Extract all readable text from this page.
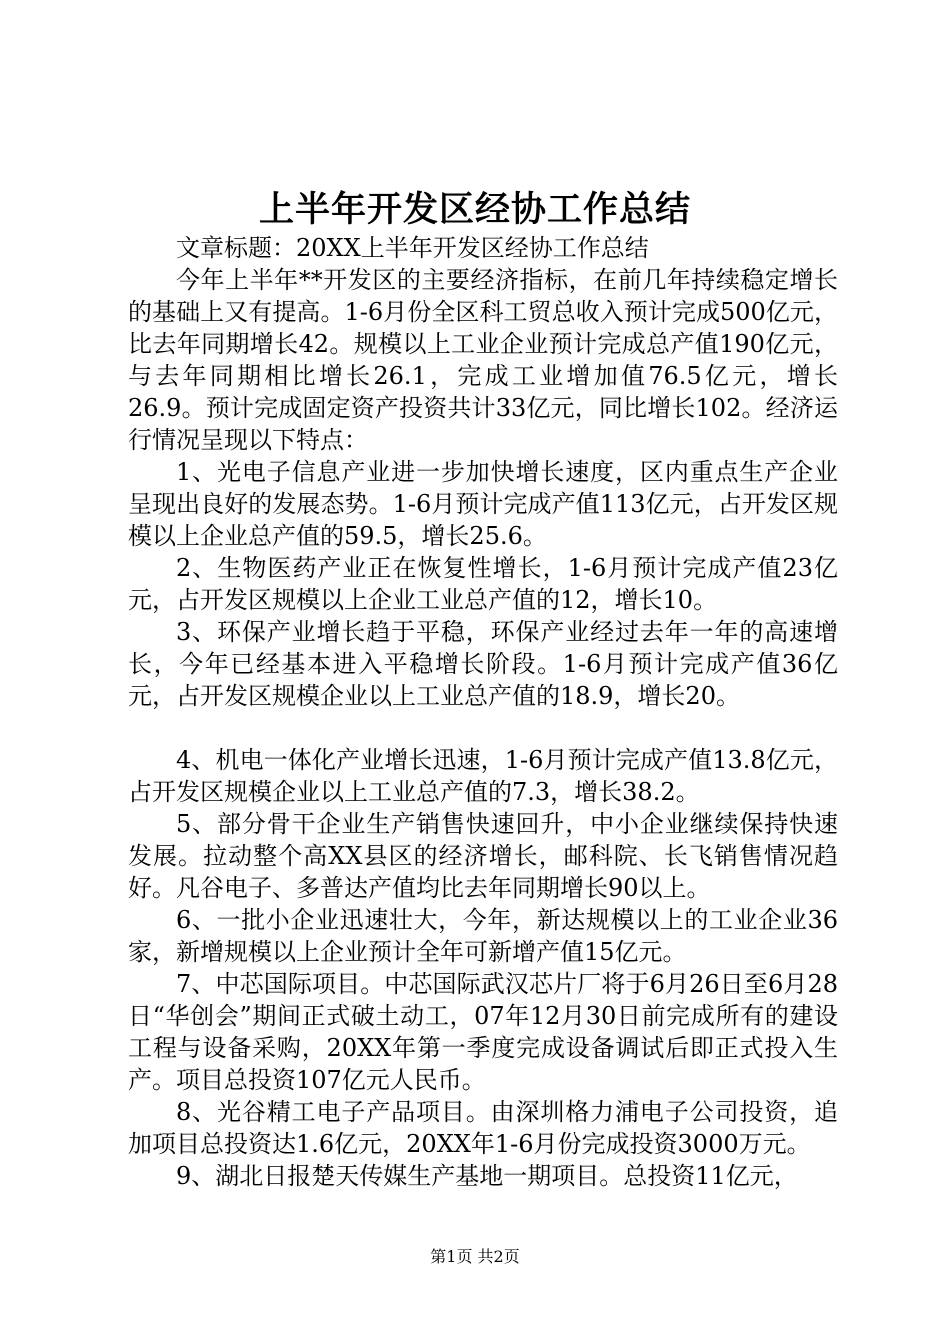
上半年开发区经协工作总结

文章标题：20XX上半年开发区经协工作总结

今年上半年**开发区的主要经济指标，在前几年持续稳定增长的基础上又有提高。1-6月份全区科工贸总收入预计完成500亿元，比去年同期增长42。规模以上工业企业预计完成总产值190亿元，与去年同期相比增长26.1，完成工业增加值76.5亿元，增长26.9。预计完成固定资产投资共计33亿元，同比增长102。经济运行情况呈现以下特点：

1、光电子信息产业进一步加快增长速度，区内重点生产企业呈现出良好的发展态势。1-6月预计完成产值113亿元，占开发区规模以上企业总产值的59.5，增长25.6。

2、生物医药产业正在恢复性增长，1-6月预计完成产值23亿元，占开发区规模以上企业工业总产值的12，增长10。

3、环保产业增长趋于平稳，环保产业经过去年一年的高速增长，今年已经基本进入平稳增长阶段。1-6月预计完成产值36亿元，占开发区规模企业以上工业总产值的18.9，增长20。

4、机电一体化产业增长迅速，1-6月预计完成产值13.8亿元，占开发区规模企业以上工业总产值的7.3，增长38.2。

5、部分骨干企业生产销售快速回升，中小企业继续保持快速发展。拉动整个高XX县区的经济增长，邮科院、长飞销售情况趋好。凡谷电子、多普达产值均比去年同期增长90以上。

6、一批小企业迅速壮大，今年，新达规模以上的工业企业36家，新增规模以上企业预计全年可新增产值15亿元。

7、中芯国际项目。中芯国际武汉芯片厂将于6月26日至6月28日“华创会”期间正式破土动工，07年12月30日前完成所有的建设工程与设备采购，20XX年第一季度完成设备调试后即正式投入生产。项目总投资107亿元人民币。

8、光谷精工电子产品项目。由深圳格力浦电子公司投资，追加项目总投资达1.6亿元，20XX年1-6月份完成投资3000万元。

9、湖北日报楚天传媒生产基地一期项目。总投资11亿元，

第1页 共2页
